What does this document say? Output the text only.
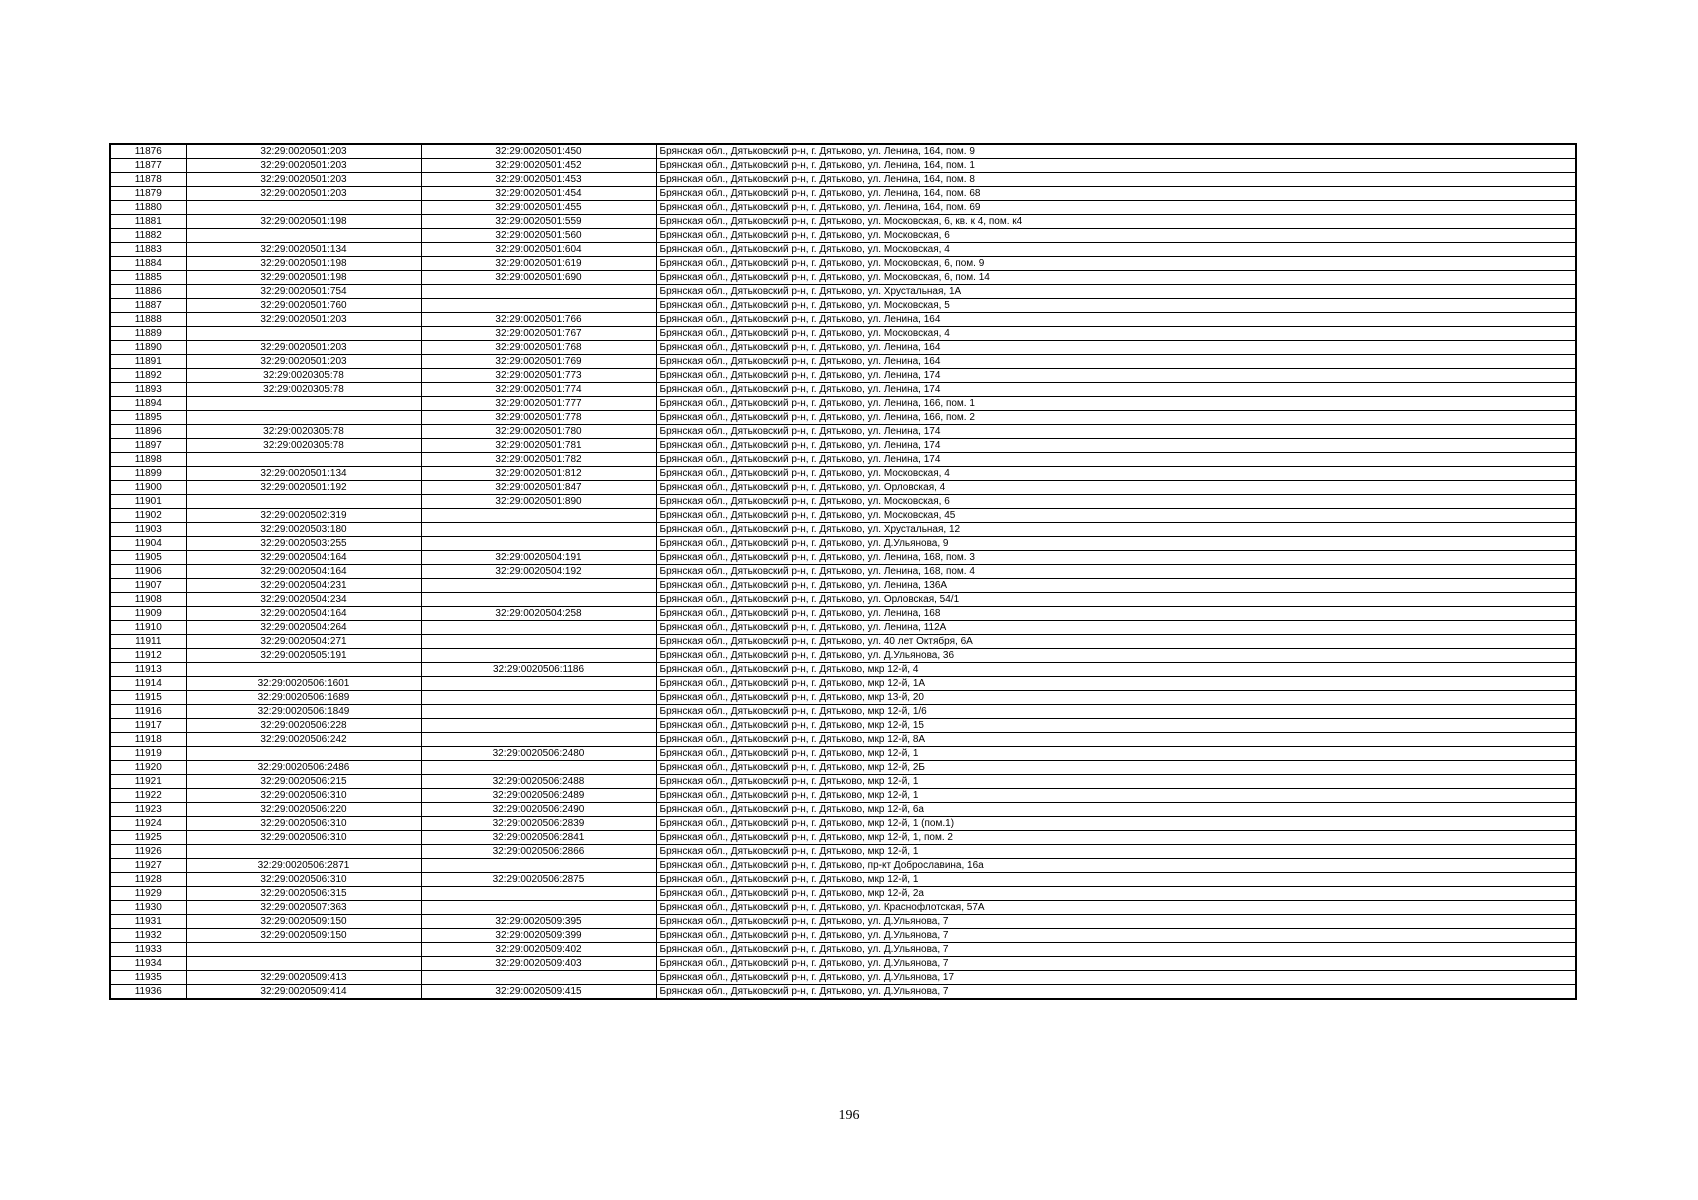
11876	32:29:0020501:203	32:29:0020501:450	Брянская обл., Дятьковский р-н, г. Дятьково, ул. Ленина, 164, пом. 9
11877	32:29:0020501:203	32:29:0020501:452	Брянская обл., Дятьковский р-н, г. Дятьково, ул. Ленина, 164, пом. 1
11878	32:29:0020501:203	32:29:0020501:453	Брянская обл., Дятьковский р-н, г. Дятьково, ул. Ленина, 164, пом. 8
11879	32:29:0020501:203	32:29:0020501:454	Брянская обл., Дятьковский р-н, г. Дятьково, ул. Ленина, 164, пом. 68
11880		32:29:0020501:455	Брянская обл., Дятьковский р-н, г. Дятьково, ул. Ленина, 164, пом. 69
11881	32:29:0020501:198	32:29:0020501:559	Брянская обл., Дятьковский р-н, г. Дятьково, ул. Московская, 6, кв. к 4, пом. к4
11882		32:29:0020501:560	Брянская обл., Дятьковский р-н, г. Дятьково, ул. Московская, 6
11883	32:29:0020501:134	32:29:0020501:604	Брянская обл., Дятьковский р-н, г. Дятьково, ул. Московская, 4
11884	32:29:0020501:198	32:29:0020501:619	Брянская обл., Дятьковский р-н, г. Дятьково, ул. Московская, 6, пом. 9
11885	32:29:0020501:198	32:29:0020501:690	Брянская обл., Дятьковский р-н, г. Дятьково, ул. Московская, 6, пом. 14
11886	32:29:0020501:754		Брянская обл., Дятьковский р-н, г. Дятьково, ул. Хрустальная, 1А
11887	32:29:0020501:760		Брянская обл., Дятьковский р-н, г. Дятьково, ул. Московская, 5
11888	32:29:0020501:203	32:29:0020501:766	Брянская обл., Дятьковский р-н, г. Дятьково, ул. Ленина, 164
11889		32:29:0020501:767	Брянская обл., Дятьковский р-н, г. Дятьково, ул. Московская, 4
11890	32:29:0020501:203	32:29:0020501:768	Брянская обл., Дятьковский р-н, г. Дятьково, ул. Ленина, 164
11891	32:29:0020501:203	32:29:0020501:769	Брянская обл., Дятьковский р-н, г. Дятьково, ул. Ленина, 164
11892	32:29:0020305:78	32:29:0020501:773	Брянская обл., Дятьковский р-н, г. Дятьково, ул. Ленина, 174
11893	32:29:0020305:78	32:29:0020501:774	Брянская обл., Дятьковский р-н, г. Дятьково, ул. Ленина, 174
11894		32:29:0020501:777	Брянская обл., Дятьковский р-н, г. Дятьково, ул. Ленина, 166, пом. 1
11895		32:29:0020501:778	Брянская обл., Дятьковский р-н, г. Дятьково, ул. Ленина, 166, пом. 2
11896	32:29:0020305:78	32:29:0020501:780	Брянская обл., Дятьковский р-н, г. Дятьково, ул. Ленина, 174
11897	32:29:0020305:78	32:29:0020501:781	Брянская обл., Дятьковский р-н, г. Дятьково, ул. Ленина, 174
11898		32:29:0020501:782	Брянская обл., Дятьковский р-н, г. Дятьково, ул. Ленина, 174
11899	32:29:0020501:134	32:29:0020501:812	Брянская обл., Дятьковский р-н, г. Дятьково, ул. Московская, 4
11900	32:29:0020501:192	32:29:0020501:847	Брянская обл., Дятьковский р-н, г. Дятьково, ул. Орловская, 4
11901		32:29:0020501:890	Брянская обл., Дятьковский р-н, г. Дятьково, ул. Московская, 6
11902	32:29:0020502:319		Брянская обл., Дятьковский р-н, г. Дятьково, ул. Московская, 45
11903	32:29:0020503:180		Брянская обл., Дятьковский р-н, г. Дятьково, ул. Хрустальная, 12
11904	32:29:0020503:255		Брянская обл., Дятьковский р-н, г. Дятьково, ул. Д.Ульянова, 9
11905	32:29:0020504:164	32:29:0020504:191	Брянская обл., Дятьковский р-н, г. Дятьково, ул. Ленина, 168, пом. 3
11906	32:29:0020504:164	32:29:0020504:192	Брянская обл., Дятьковский р-н, г. Дятьково, ул. Ленина, 168, пом. 4
11907	32:29:0020504:231		Брянская обл., Дятьковский р-н, г. Дятьково, ул. Ленина, 136А
11908	32:29:0020504:234		Брянская обл., Дятьковский р-н, г. Дятьково, ул. Орловская, 54/1
11909	32:29:0020504:164	32:29:0020504:258	Брянская обл., Дятьковский р-н, г. Дятьково, ул. Ленина, 168
11910	32:29:0020504:264		Брянская обл., Дятьковский р-н, г. Дятьково, ул. Ленина, 112А
11911	32:29:0020504:271		Брянская обл., Дятьковский р-н, г. Дятьково, ул. 40 лет Октября, 6А
11912	32:29:0020505:191		Брянская обл., Дятьковский р-н, г. Дятьково, ул. Д.Ульянова, 36
11913		32:29:0020506:1186	Брянская обл., Дятьковский р-н, г. Дятьково, мкр 12-й, 4
11914	32:29:0020506:1601		Брянская обл., Дятьковский р-н, г. Дятьково, мкр 12-й, 1А
11915	32:29:0020506:1689		Брянская обл., Дятьковский р-н, г. Дятьково, мкр 13-й, 20
11916	32:29:0020506:1849		Брянская обл., Дятьковский р-н, г. Дятьково, мкр 12-й, 1/6
11917	32:29:0020506:228		Брянская обл., Дятьковский р-н, г. Дятьково, мкр 12-й, 15
11918	32:29:0020506:242		Брянская обл., Дятьковский р-н, г. Дятьково, мкр 12-й, 8А
11919		32:29:0020506:2480	Брянская обл., Дятьковский р-н, г. Дятьково, мкр 12-й, 1
11920	32:29:0020506:2486		Брянская обл., Дятьковский р-н, г. Дятьково, мкр 12-й, 2Б
11921	32:29:0020506:215	32:29:0020506:2488	Брянская обл., Дятьковский р-н, г. Дятьково, мкр 12-й, 1
11922	32:29:0020506:310	32:29:0020506:2489	Брянская обл., Дятьковский р-н, г. Дятьково, мкр 12-й, 1
11923	32:29:0020506:220	32:29:0020506:2490	Брянская обл., Дятьковский р-н, г. Дятьково, мкр 12-й, 6а
11924	32:29:0020506:310	32:29:0020506:2839	Брянская обл., Дятьковский р-н, г. Дятьково, мкр 12-й, 1 (пом.1)
11925	32:29:0020506:310	32:29:0020506:2841	Брянская обл., Дятьковский р-н, г. Дятьково, мкр 12-й, 1, пом. 2
11926		32:29:0020506:2866	Брянская обл., Дятьковский р-н, г. Дятьково, мкр 12-й, 1
11927	32:29:0020506:2871		Брянская обл., Дятьковский р-н, г. Дятьково, пр-кт Доброславина, 16а
11928	32:29:0020506:310	32:29:0020506:2875	Брянская обл., Дятьковский р-н, г. Дятьково, мкр 12-й, 1
11929	32:29:0020506:315		Брянская обл., Дятьковский р-н, г. Дятьково, мкр 12-й, 2а
11930	32:29:0020507:363		Брянская обл., Дятьковский р-н, г. Дятьково, ул. Краснофлотская, 57А
11931	32:29:0020509:150	32:29:0020509:395	Брянская обл., Дятьковский р-н, г. Дятьково, ул. Д.Ульянова, 7
11932	32:29:0020509:150	32:29:0020509:399	Брянская обл., Дятьковский р-н, г. Дятьково, ул. Д.Ульянова, 7
11933		32:29:0020509:402	Брянская обл., Дятьковский р-н, г. Дятьково, ул. Д.Ульянова, 7
11934		32:29:0020509:403	Брянская обл., Дятьковский р-н, г. Дятьково, ул. Д.Ульянова, 7
11935	32:29:0020509:413		Брянская обл., Дятьковский р-н, г. Дятьково, ул. Д.Ульянова, 17
11936	32:29:0020509:414	32:29:0020509:415	Брянская обл., Дятьковский р-н, г. Дятьково, ул. Д.Ульянова, 7
196
